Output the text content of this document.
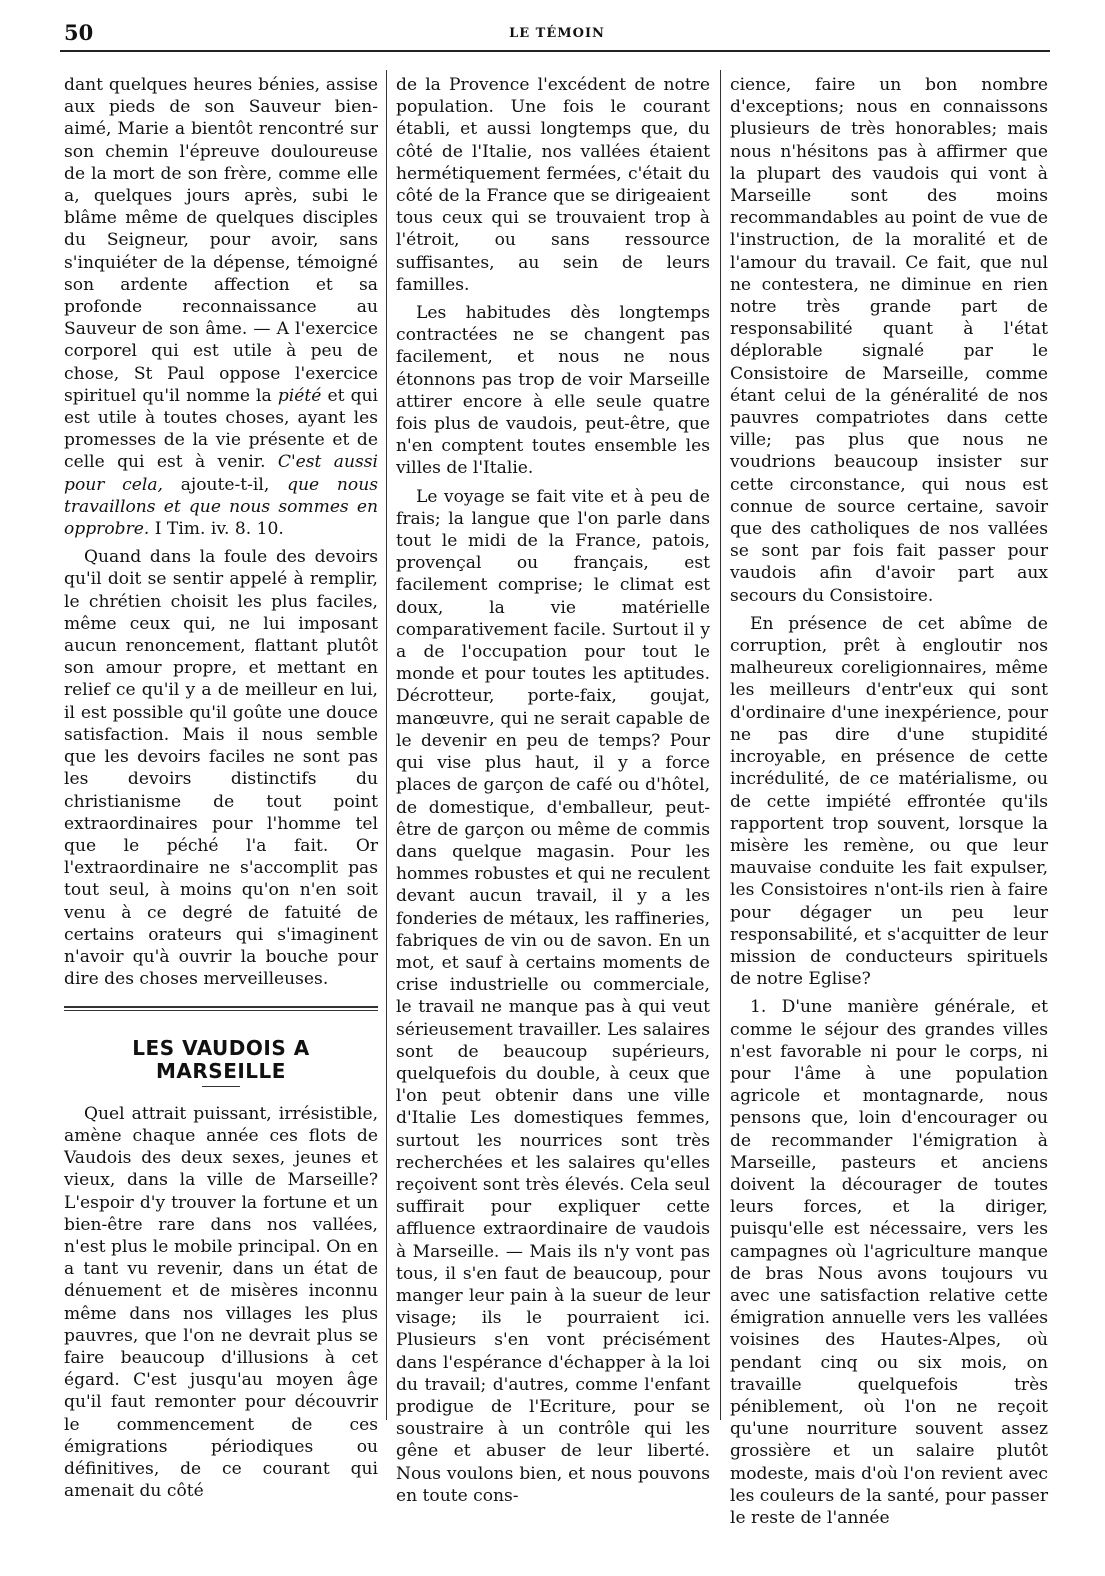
50	LE TÉMOIN

dant quelques heures bénies, assise aux pieds de son Sauveur bien-aimé, Marie a bientôt rencontré sur son chemin l'épreuve douloureuse de la mort de son frère, comme elle a, quelques jours après, subi le blâme même de quelques disciples du Seigneur, pour avoir, sans s'inquiéter de la dépense, témoigné son ardente affection et sa profonde reconnaissance au Sauveur de son âme. — A l'exercice corporel qui est utile à peu de chose, St Paul oppose l'exercice spirituel qu'il nomme la piété et qui est utile à toutes choses, ayant les promesses de la vie présente et de celle qui est à venir. C'est aussi pour cela, ajoute-t-il, que nous travaillons et que nous sommes en opprobre. I Tim. iv. 8. 10.

Quand dans la foule des devoirs qu'il doit se sentir appelé à remplir, le chrétien choisit les plus faciles, même ceux qui, ne lui imposant aucun renoncement, flattant plutôt son amour propre, et mettant en relief ce qu'il y a de meilleur en lui, il est possible qu'il goûte une douce satisfaction. Mais il nous semble que les devoirs faciles ne sont pas les devoirs distinctifs du christianisme de tout point extraordinaires pour l'homme tel que le péché l'a fait. Or l'extraordinaire ne s'accomplit pas tout seul, à moins qu'on n'en soit venu à ce degré de fatuité de certains orateurs qui s'imaginent n'avoir qu'à ouvrir la bouche pour dire des choses merveilleuses.

LES VAUDOIS A MARSEILLE

Quel attrait puissant, irrésistible, amène chaque année ces flots de Vaudois des deux sexes, jeunes et vieux, dans la ville de Marseille? L'espoir d'y trouver la fortune et un bien-être rare dans nos vallées, n'est plus le mobile principal. On en a tant vu revenir, dans un état de dénuement et de misères inconnu même dans nos villages les plus pauvres, que l'on ne devrait plus se faire beaucoup d'illusions à cet égard. C'est jusqu'au moyen âge qu'il faut remonter pour découvrir le commencement de ces émigrations périodiques ou définitives, de ce courant qui amenait du côté

de la Provence l'excédent de notre population. Une fois le courant établi, et aussi longtemps que, du côté de l'Italie, nos vallées étaient hermétiquement fermées, c'était du côté de la France que se dirigeaient tous ceux qui se trouvaient trop à l'étroit, ou sans ressource suffisantes, au sein de leurs familles.

Les habitudes dès longtemps contractées ne se changent pas facilement, et nous ne nous étonnons pas trop de voir Marseille attirer encore à elle seule quatre fois plus de vaudois, peut-être, que n'en comptent toutes ensemble les villes de l'Italie.

Le voyage se fait vite et à peu de frais; la langue que l'on parle dans tout le midi de la France, patois, provençal ou français, est facilement comprise; le climat est doux, la vie matérielle comparativement facile. Surtout il y a de l'occupation pour tout le monde et pour toutes les aptitudes. Décrotteur, porte-faix, goujat, manœuvre, qui ne serait capable de le devenir en peu de temps? Pour qui vise plus haut, il y a force places de garçon de café ou d'hôtel, de domestique, d'emballeur, peut-être de garçon ou même de commis dans quelque magasin. Pour les hommes robustes et qui ne reculent devant aucun travail, il y a les fonderies de métaux, les raffineries, fabriques de vin ou de savon. En un mot, et sauf à certains moments de crise industrielle ou commerciale, le travail ne manque pas à qui veut sérieusement travailler. Les salaires sont de beaucoup supérieurs, quelquefois du double, à ceux que l'on peut obtenir dans une ville d'Italie Les domestiques femmes, surtout les nourrices sont très recherchées et les salaires qu'elles reçoivent sont très élevés. Cela seul suffirait pour expliquer cette affluence extraordinaire de vaudois à Marseille. — Mais ils n'y vont pas tous, il s'en faut de beaucoup, pour manger leur pain à la sueur de leur visage; ils le pourraient ici. Plusieurs s'en vont précisément dans l'espérance d'échapper à la loi du travail; d'autres, comme l'enfant prodigue de l'Ecriture, pour se soustraire à un contrôle qui les gêne et abuser de leur liberté. Nous voulons bien, et nous pouvons en toute cons-

cience, faire un bon nombre d'exceptions; nous en connaissons plusieurs de très honorables; mais nous n'hésitons pas à affirmer que la plupart des vaudois qui vont à Marseille sont des moins recommandables au point de vue de l'instruction, de la moralité et de l'amour du travail. Ce fait, que nul ne contestera, ne diminue en rien notre très grande part de responsabilité quant à l'état déplorable signalé par le Consistoire de Marseille, comme étant celui de la généralité de nos pauvres compatriotes dans cette ville; pas plus que nous ne voudrions beaucoup insister sur cette circonstance, qui nous est connue de source certaine, savoir que des catholiques de nos vallées se sont par fois fait passer pour vaudois afin d'avoir part aux secours du Consistoire.

En présence de cet abîme de corruption, prêt à engloutir nos malheureux coreligionnaires, même les meilleurs d'entr'eux qui sont d'ordinaire d'une inexpérience, pour ne pas dire d'une stupidité incroyable, en présence de cette incrédulité, de ce matérialisme, ou de cette impiété effrontée qu'ils rapportent trop souvent, lorsque la misère les remène, ou que leur mauvaise conduite les fait expulser, les Consistoires n'ont-ils rien à faire pour dégager un peu leur responsabilité, et s'acquitter de leur mission de conducteurs spirituels de notre Eglise?

1. D'une manière générale, et comme le séjour des grandes villes n'est favorable ni pour le corps, ni pour l'âme à une population agricole et montagnarde, nous pensons que, loin d'encourager ou de recommander l'émigration à Marseille, pasteurs et anciens doivent la décourager de toutes leurs forces, et la diriger, puisqu'elle est nécessaire, vers les campagnes où l'agriculture manque de bras Nous avons toujours vu avec une satisfaction relative cette émigration annuelle vers les vallées voisines des Hautes-Alpes, où pendant cinq ou six mois, on travaille quelquefois très péniblement, où l'on ne reçoit qu'une nourriture souvent assez grossière et un salaire plutôt modeste, mais d'où l'on revient avec les couleurs de la santé, pour passer le reste de l'année
